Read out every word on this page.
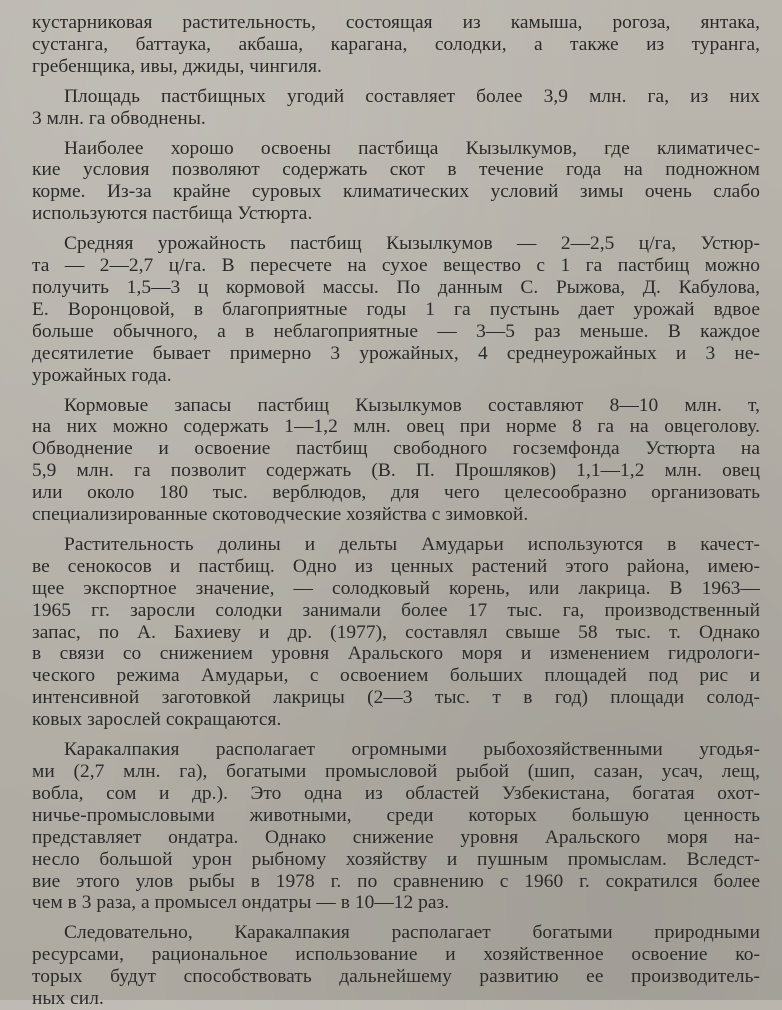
кустарниковая растительность, состоящая из камыша, рогоза, янтака,
сустанга, баттаука, акбаша, карагана, солодки, а также из туранга,
гребенщика, ивы, джиды, чингиля.
Площадь пастбищных угодий составляет более 3,9 млн. га, из них
3 млн. га обводнены.
Наиболее хорошо освоены пастбища Кызылкумов, где климатичес-
кие условия позволяют содержать скот в течение года на подножном
корме. Из-за крайне суровых климатических условий зимы очень слабо
используются пастбища Устюрта.
Средняя урожайность пастбищ Кызылкумов — 2—2,5 ц/га, Устюр-
та — 2—2,7 ц/га. В пересчете на сухое вещество с 1 га пастбищ можно
получить 1,5—3 ц кормовой массы. По данным С. Рыжова, Д. Кабулова,
Е. Воронцовой, в благоприятные годы 1 га пустынь дает урожай вдвое
больше обычного, а в неблагоприятные — 3—5 раз меньше. В каждое
десятилетие бывает примерно 3 урожайных, 4 среднеурожайных и 3 не-
урожайных года.
Кормовые запасы пастбищ Кызылкумов составляют 8—10 млн. т,
на них можно содержать 1—1,2 млн. овец при норме 8 га на овцеголову.
Обводнение и освоение пастбищ свободного госземфонда Устюрта на
5,9 млн. га позволит содержать (В. П. Прошляков) 1,1—1,2 млн. овец
или около 180 тыс. верблюдов, для чего целесообразно организовать
специализированные скотоводческие хозяйства с зимовкой.
Растительность долины и дельты Амударьи используются в качест-
ве сенокосов и пастбищ. Одно из ценных растений этого района, имею-
щее экспортное значение, — солодковый корень, или лакрица. В 1963—
1965 гг. заросли солодки занимали более 17 тыс. га, производственный
запас, по А. Бахиеву и др. (1977), составлял свыше 58 тыс. т. Однако
в связи со снижением уровня Аральского моря и изменением гидрологи-
ческого режима Амударьи, с освоением больших площадей под рис и
интенсивной заготовкой лакрицы (2—3 тыс. т в год) площади солод-
ковых зарослей сокращаются.
Каракалпакия располагает огромными рыбохозяйственными угодья-
ми (2,7 млн. га), богатыми промысловой рыбой (шип, сазан, усач, лещ,
вобла, сом и др.). Это одна из областей Узбекистана, богатая охот-
ничье-промысловыми животными, среди которых большую ценность
представляет ондатра. Однако снижение уровня Аральского моря на-
несло большой урон рыбному хозяйству и пушным промыслам. Вследст-
вие этого улов рыбы в 1978 г. по сравнению с 1960 г. сократился более
чем в 3 раза, а промысел ондатры — в 10—12 раз.
Следовательно, Каракалпакия располагает богатыми природными
ресурсами, рациональное использование и хозяйственное освоение ко-
торых будут способствовать дальнейшему развитию ее производитель-
ных сил.
